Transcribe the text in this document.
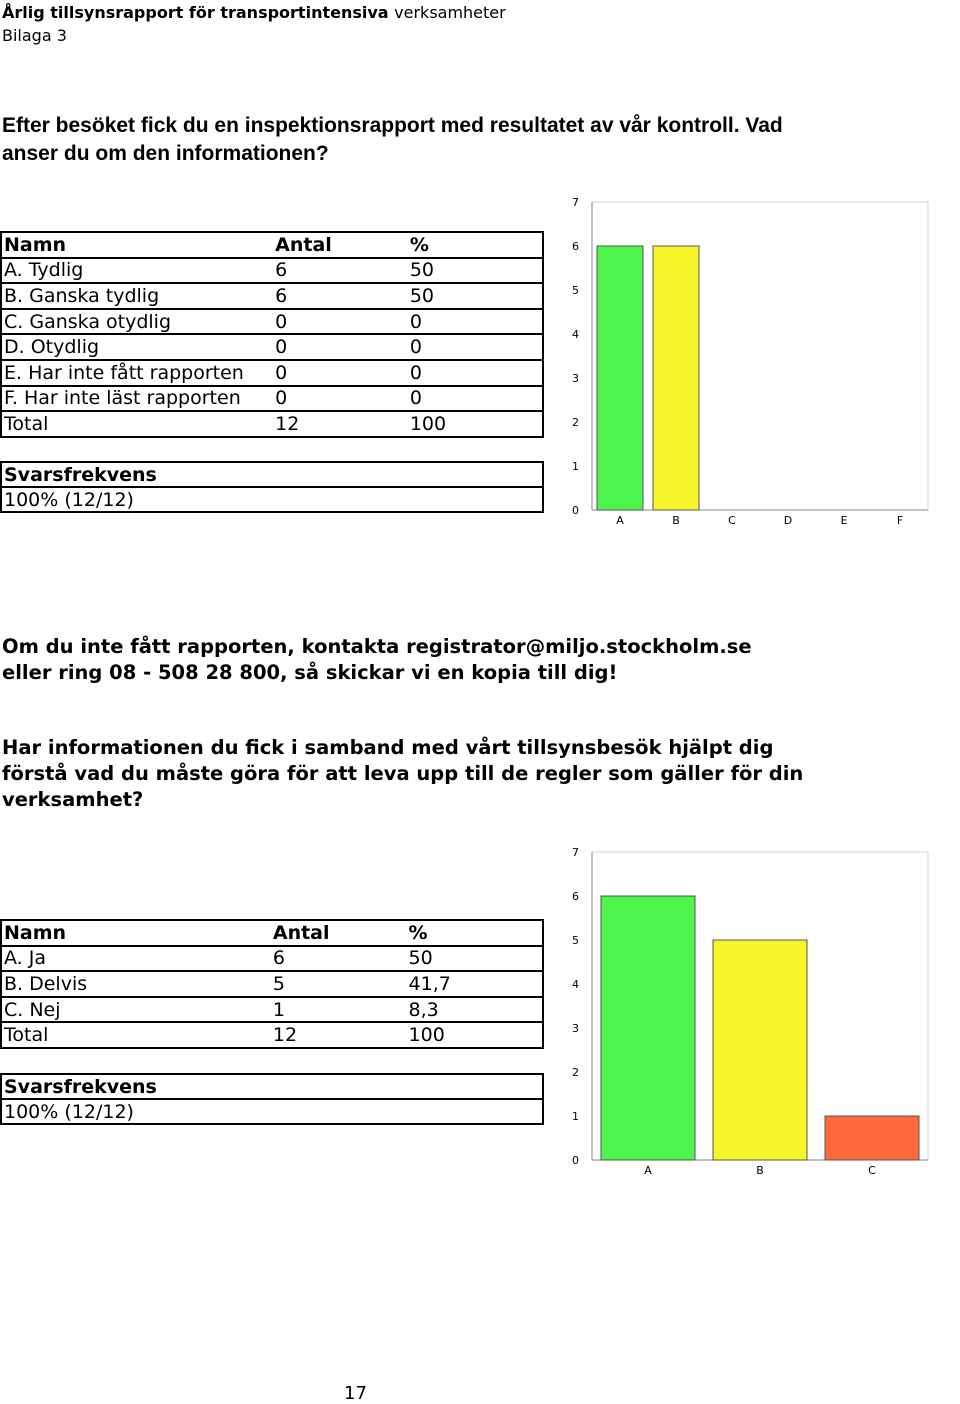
Årlig tillsynsrapport för transportintensiva verksamheter
Bilaga 3
Efter besöket fick du en inspektionsrapport med resultatet av vår kontroll. Vad anser du om den informationen?
Namn	Antal	%
A. Tydlig	6	50
B. Ganska tydlig	6	50
C. Ganska otydlig	0	0
D. Otydlig	0	0
E. Har inte fått rapporten	0	0
F. Har inte läst rapporten	0	0
Total	12	100
Svarsfrekvens
100% (12/12)	0
1
2
3
4
5
6
7
A	B	C	D	E	F
Om du inte fått rapporten, kontakta registrator@miljo.stockholm.se eller ring 08 - 508 28 800, så skickar vi en kopia till dig!
Har informationen du fick i samband med vårt tillsynsbesök hjälpt dig förstå vad du måste göra för att leva upp till de regler som gäller för din verksamhet?
Namn	Antal	%
A. Ja	6	50
B. Delvis	5	41,7
C. Nej	1	8,3
Total	12	100
Svarsfrekvens
100% (12/12)
0
1
2
3
4
5
6
7
A	B	C
17
